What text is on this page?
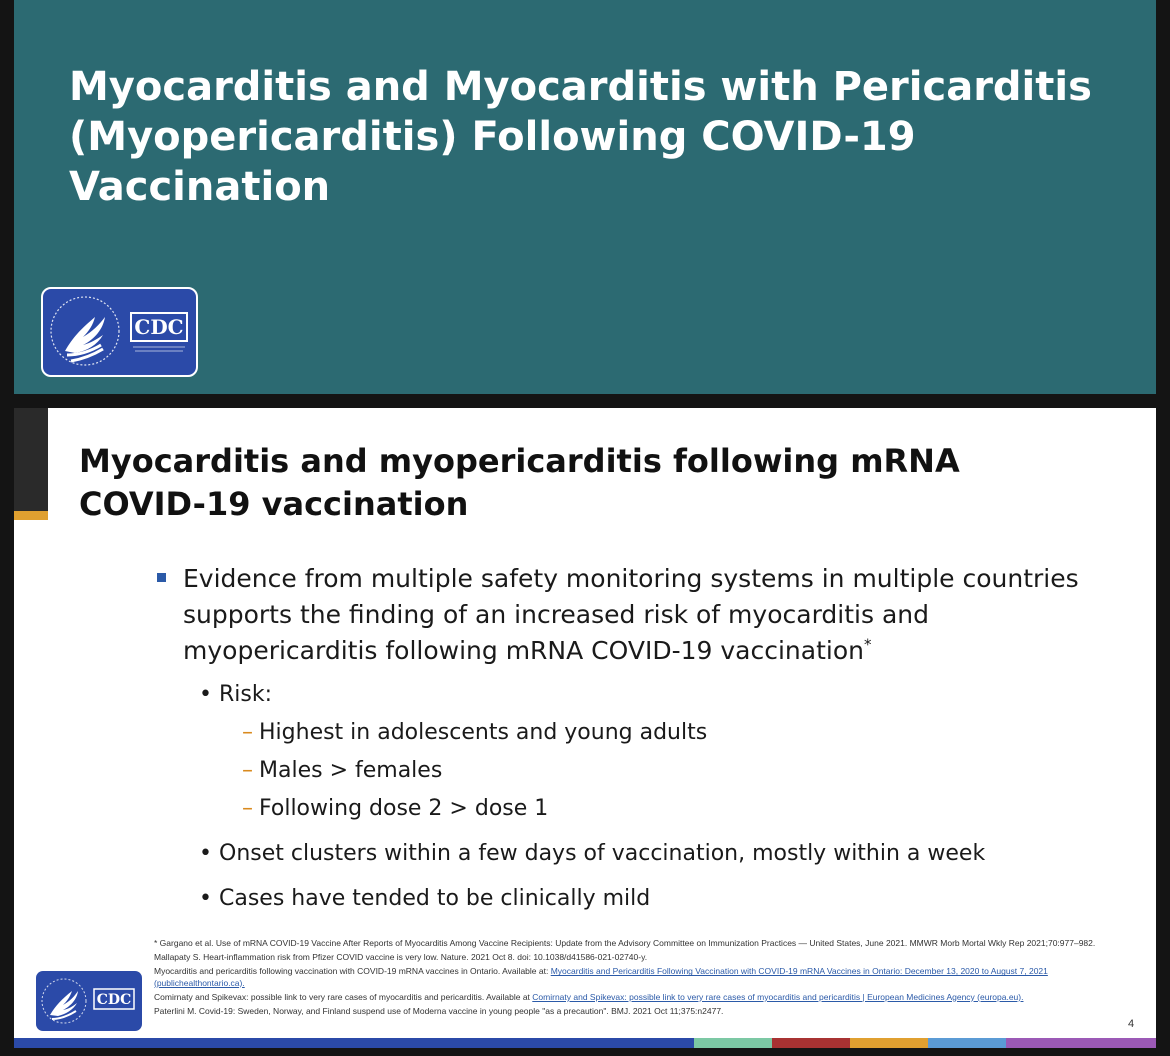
Myocarditis and Myocarditis with Pericarditis (Myopericarditis) Following COVID-19 Vaccination
CDC
Myocarditis and myopericarditis following mRNA
COVID-19 vaccination
Evidence from multiple safety monitoring systems in multiple countries supports the finding of an increased risk of myocarditis and myopericarditis following mRNA COVID-19 vaccination*
• Risk:
– Highest in adolescents and young adults
– Males > females
– Following dose 2 > dose 1
• Onset clusters within a few days of vaccination, mostly within a week
• Cases have tended to be clinically mild
* Gargano et al. Use of mRNA COVID-19 Vaccine After Reports of Myocarditis Among Vaccine Recipients: Update from the Advisory Committee on Immunization Practices — United States, June 2021. MMWR Morb Mortal Wkly Rep 2021;70:977–982.
Mallapaty S. Heart-inflammation risk from Pfizer COVID vaccine is very low. Nature. 2021 Oct 8. doi: 10.1038/d41586-021-02740-y.
Myocarditis and pericarditis following vaccination with COVID-19 mRNA vaccines in Ontario. Available at: Myocarditis and Pericarditis Following Vaccination with COVID-19 mRNA Vaccines in Ontario: December 13, 2020 to August 7, 2021 (publichealthontario.ca).
Comirnaty and Spikevax: possible link to very rare cases of myocarditis and pericarditis. Available at Comirnaty and Spikevax: possible link to very rare cases of myocarditis and pericarditis | European Medicines Agency (europa.eu).
Paterlini M. Covid-19: Sweden, Norway, and Finland suspend use of Moderna vaccine in young people "as a precaution". BMJ. 2021 Oct 11;375:n2477.
CDC
4
